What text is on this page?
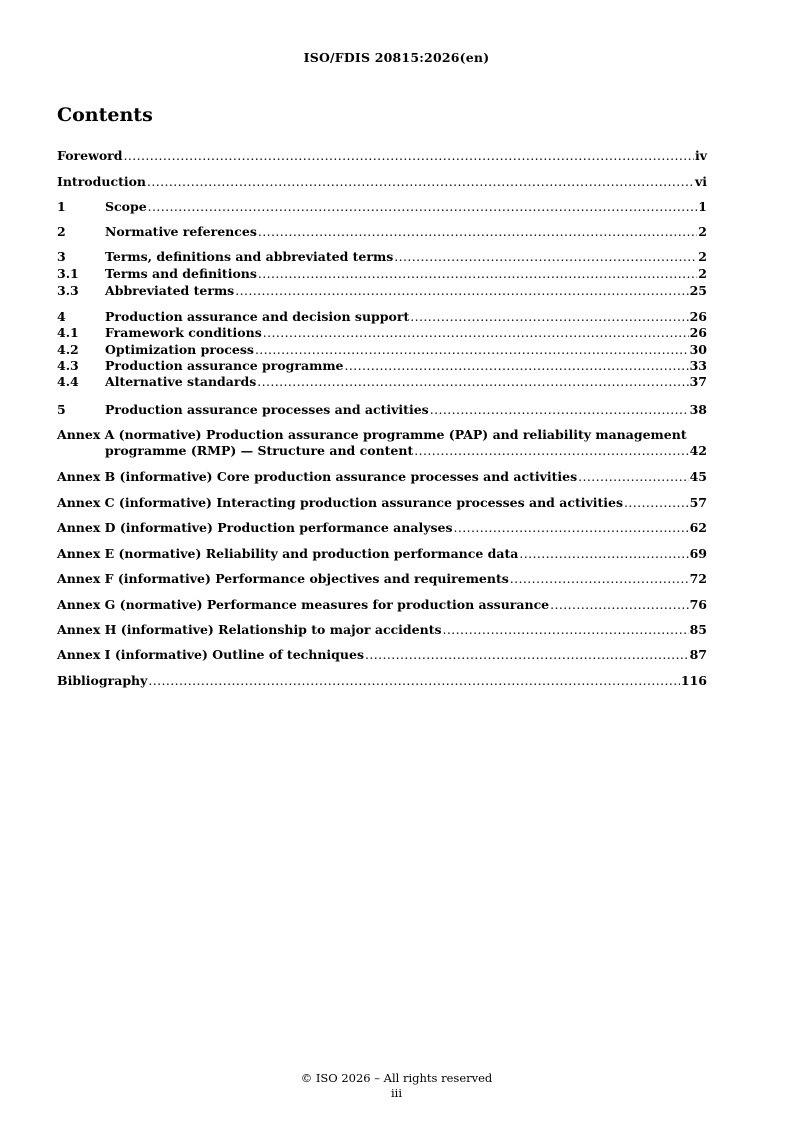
ISO/FDIS 20815:2026(en)
Contents
Foreword .....	iv
Introduction .....	vi
1	Scope .....	1
2	Normative references .....	2
3	Terms, definitions and abbreviated terms .....	2
3.1	Terms and definitions .....	2
3.3	Abbreviated terms .....	25
4	Production assurance and decision support .....	26
4.1	Framework conditions .....	26
4.2	Optimization process .....	30
4.3	Production assurance programme .....	33
4.4	Alternative standards .....	37
5	Production assurance processes and activities .....	38
Annex A (normative) Production assurance programme (PAP) and reliability management
programme (RMP) — Structure and content .....	42
Annex B (informative) Core production assurance processes and activities .....	45
Annex C (informative) Interacting production assurance processes and activities .....	57
Annex D (informative) Production performance analyses .....	62
Annex E (normative) Reliability and production performance data .....	69
Annex F (informative) Performance objectives and requirements .....	72
Annex G (normative) Performance measures for production assurance .....	76
Annex H (informative) Relationship to major accidents .....	85
Annex I (informative) Outline of techniques .....	87
Bibliography .....	116
© ISO 2026 – All rights reserved
iii
